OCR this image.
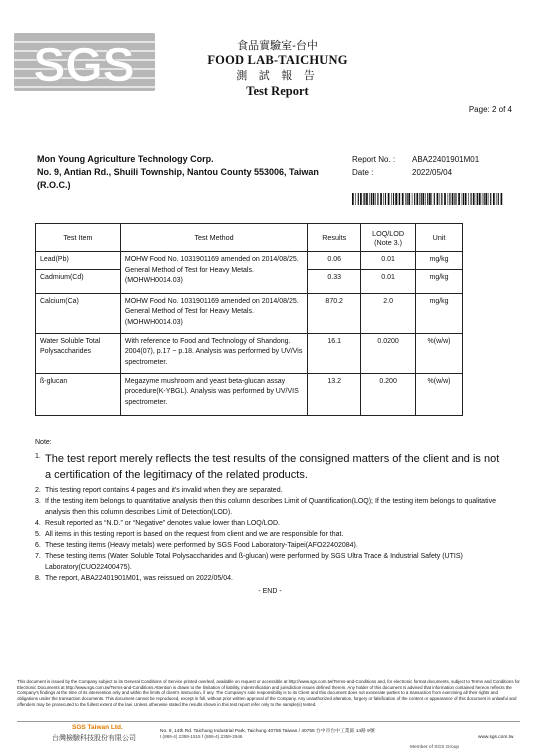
SGS	食品實驗室-台中
FOOD LAB-TAICHUNG
測 試 報 告
Test Report
Page: 2 of 4
Mon Young Agriculture Technology Corp.
No. 9, Antian Rd., Shuili Township, Nantou County 553006, Taiwan
(R.O.C.)
Report No. : ABA22401901M01
Date :	2022/05/04
Test Item	Test Method	Results	LOQ/LOD
(Note 3.)	Unit
Lead(Pb)	MOHW Food No. 1031901169 amended on 2014/08/25. General Method of Test for Heavy Metals.(MOHWH0014.03)	0.06	0.01	mg/kg

Cadmium(Cd)		0.33	0.01	mg/kg
Calcium(Ca)	MOHW Food No. 1031901169 amended on 2014/08/25. General Method of Test for Heavy Metals.(MOHWH0014.03)	870.2	2.0	mg/kg
Water Soluble Total Polysaccharides	With reference to Food and Technology of Shandong. 2004(07), p.17 ~ p.18. Analysis was performed by UV/Vis spectrometer.	16.1	0.0200	%(w/w)
ß-glucan	Megazyme mushroom and yeast beta-glucan assay procedure(K-YBGL). Analysis was performed by UV/VIS spectrometer.	13.2	0.200	%(w/w)
Note:
1. The test report merely reflects the test results of the consigned matters of the client and is not a certification of the legitimacy of the related products.
2. This testing report contains 4 pages and it's invalid when they are separated.
3. If the testing item belongs to quantitative analysis then this column describes Limit of Quantification(LOQ); If the testing item belongs to qualitative analysis then this column describes Limit of Detection(LOD).
4. Result reported as “N.D.” or “Negative” denotes value lower than LOQ/LOD.
5. All items in this testing report is based on the request from client and we are responsible for that.
6. These testing items (Heavy metals) were performed by SGS Food Laboratory-Taipei(AFO22402084).
7. These testing items (Water Soluble Total Polysaccharides and ß-glucan) were performed by SGS Ultra Trace & Industrial Safety (UTIS) Laboratory(CUO22400475).
8. The report, ABA22401901M01, was reissued on 2022/05/04.
- END -
This document is issued by the Company subject to its General Conditions of Service printed overleaf, available on request or accessible at http://www.sgs.com.tw/Terms-and-Conditions and, for electronic format documents, subject to Terms and Conditions for Electronic Documents at http://www.sgs.com.tw/Terms-and-Conditions Attention is drawn to the limitation of liability, indemnification and jurisdiction issues defined therein. Any holder of this document is advised that information contained hereon reflects the Company's findings at the time of its intervention only and within the limits of client's instruction, if any. The Company's sole responsibility is to its Client and this document does not exonerate parties to a transaction from exercising all their rights and obligations under the transaction documents. This document cannot be reproduced, except in full, without prior written approval of the Company. Any unauthorized alteration, forgery or falsification of the content or appearance of this document is unlawful and offenders may be prosecuted to the fullest extent of the law. Unless otherwise stated the results shown in this test report refer only to the sample(s) tested.
SGS Taiwan Ltd.
台灣檢驗科技股份有限公司
No. 9, 14th Rd. Taichung Industrial Park, Taichung 40755 Taiwan / 40755 台中市台中工業區 14路 9號
t (886-4) 2359-1515 f (886-4) 2359-2946	www.sgs.com.tw
Member of SGS Group
